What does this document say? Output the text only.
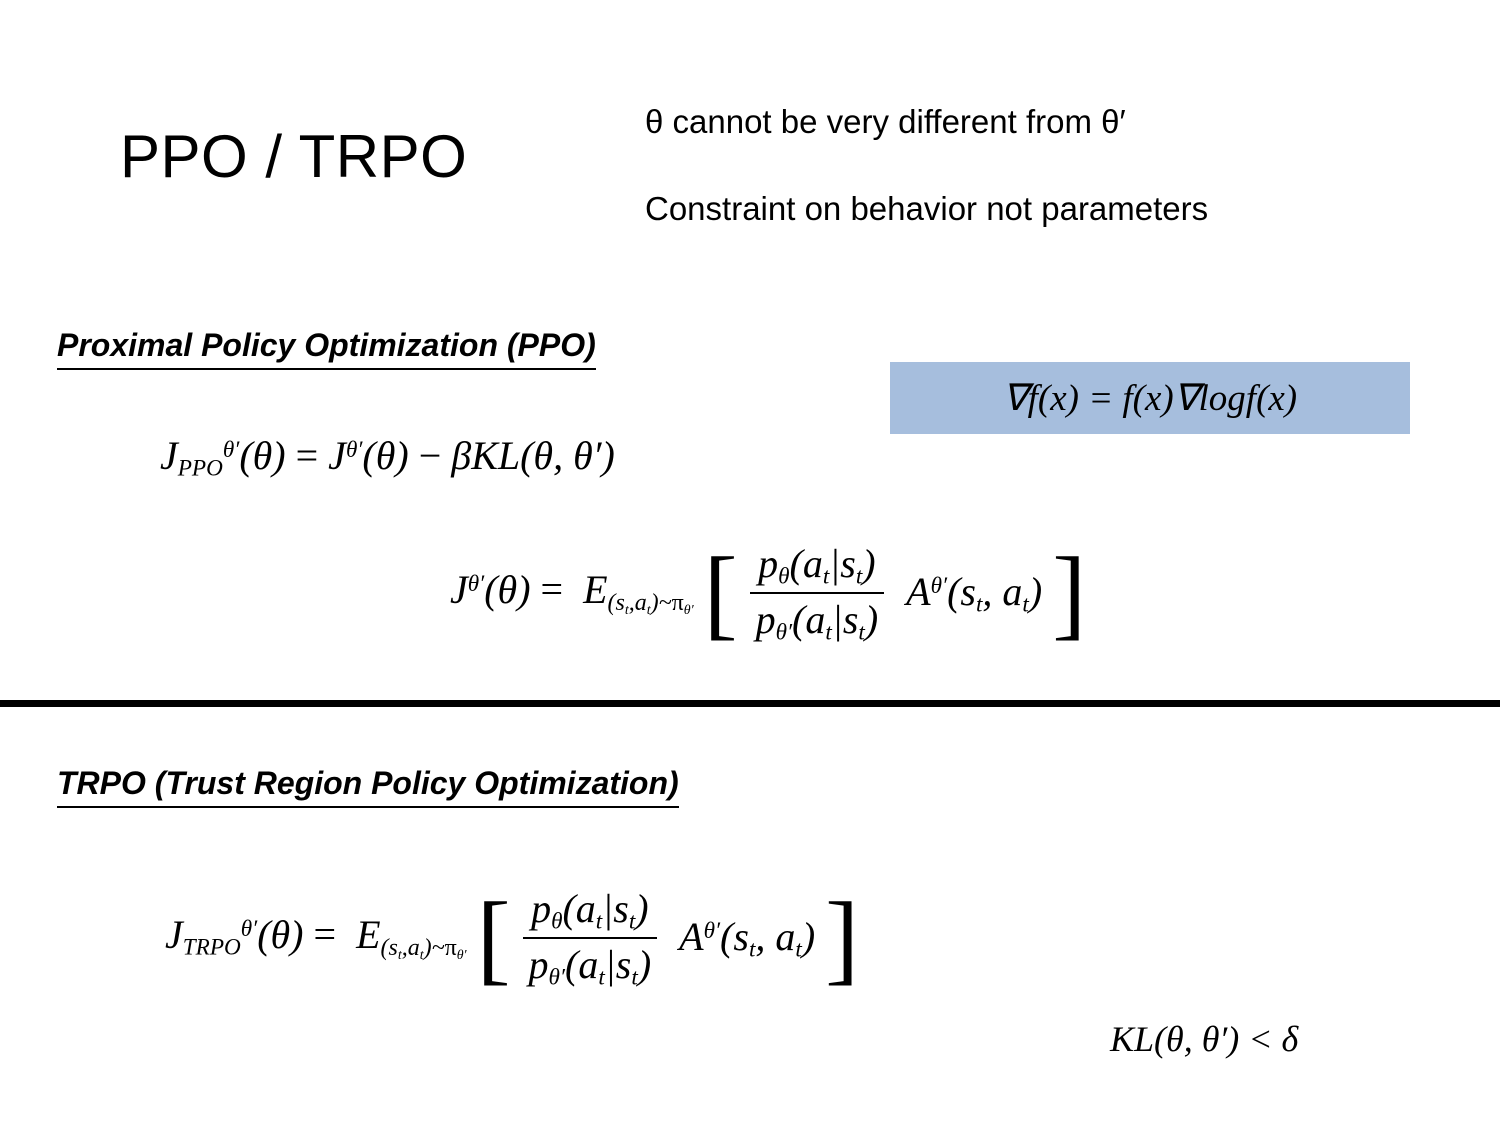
PPO / TRPO
θ cannot be very different from θ′
Constraint on behavior not parameters
Proximal Policy Optimization (PPO)
∇f(x) = f(x)∇logf(x)
$J_{PPO}^{\theta'}(\theta) = J^{\theta'}(\theta) - \beta KL(\theta$, θ′)
$J^{\theta'}(\theta)$ =  $E(s_t,a_t)\sim\pi_{\theta'}$ [ $\frac{p_\theta(a_t|s_t)}{p_{\theta'}(a_t|s_t)} A^{\theta'}(s_t$, $a_t$) ]
TRPO (Trust Region Policy Optimization)
$J_{TRPO}^{\theta'}(\theta)$ =  $E(s_t,a_t)\sim\pi_{\theta'}$ [ $\frac{p_\theta(a_t|s_t)}{p_{\theta'}(a_t|s_t)} A^{\theta'}(s_t$, $a_t$) ]
KL(θ, θ′) < δ
